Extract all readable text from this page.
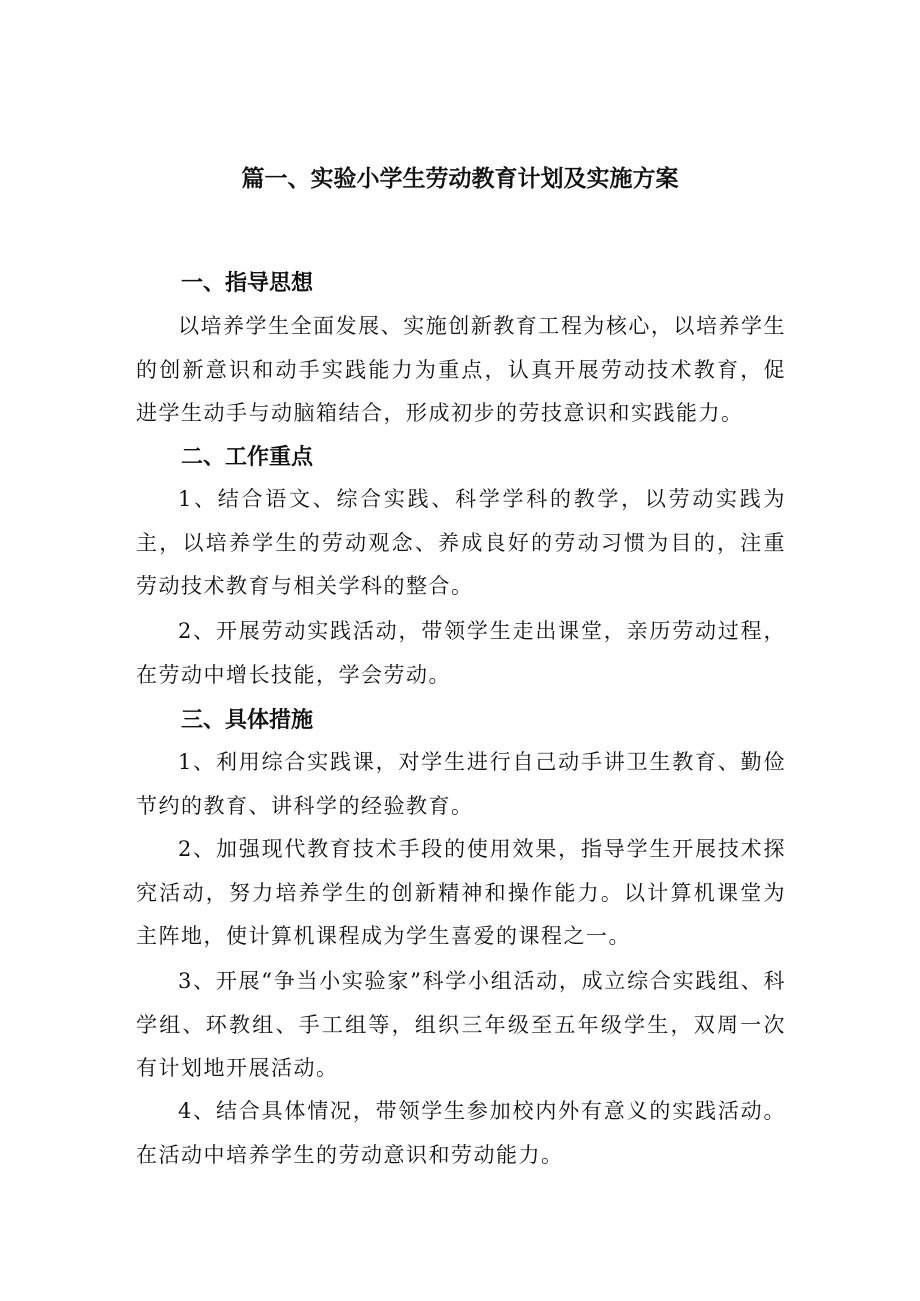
篇一、实验小学生劳动教育计划及实施方案
一、指导思想
以培养学生全面发展、实施创新教育工程为核心，以培养学生的创新意识和动手实践能力为重点，认真开展劳动技术教育，促进学生动手与动脑箱结合，形成初步的劳技意识和实践能力。
二、工作重点
1、结合语文、综合实践、科学学科的教学，以劳动实践为主，以培养学生的劳动观念、养成良好的劳动习惯为目的，注重劳动技术教育与相关学科的整合。
2、开展劳动实践活动，带领学生走出课堂，亲历劳动过程，在劳动中增长技能，学会劳动。
三、具体措施
1、利用综合实践课，对学生进行自己动手讲卫生教育、勤俭节约的教育、讲科学的经验教育。
2、加强现代教育技术手段的使用效果，指导学生开展技术探究活动，努力培养学生的创新精神和操作能力。以计算机课堂为主阵地，使计算机课程成为学生喜爱的课程之一。
3、开展“争当小实验家”科学小组活动，成立综合实践组、科学组、环教组、手工组等，组织三年级至五年级学生，双周一次有计划地开展活动。
4、结合具体情况，带领学生参加校内外有意义的实践活动。在活动中培养学生的劳动意识和劳动能力。
